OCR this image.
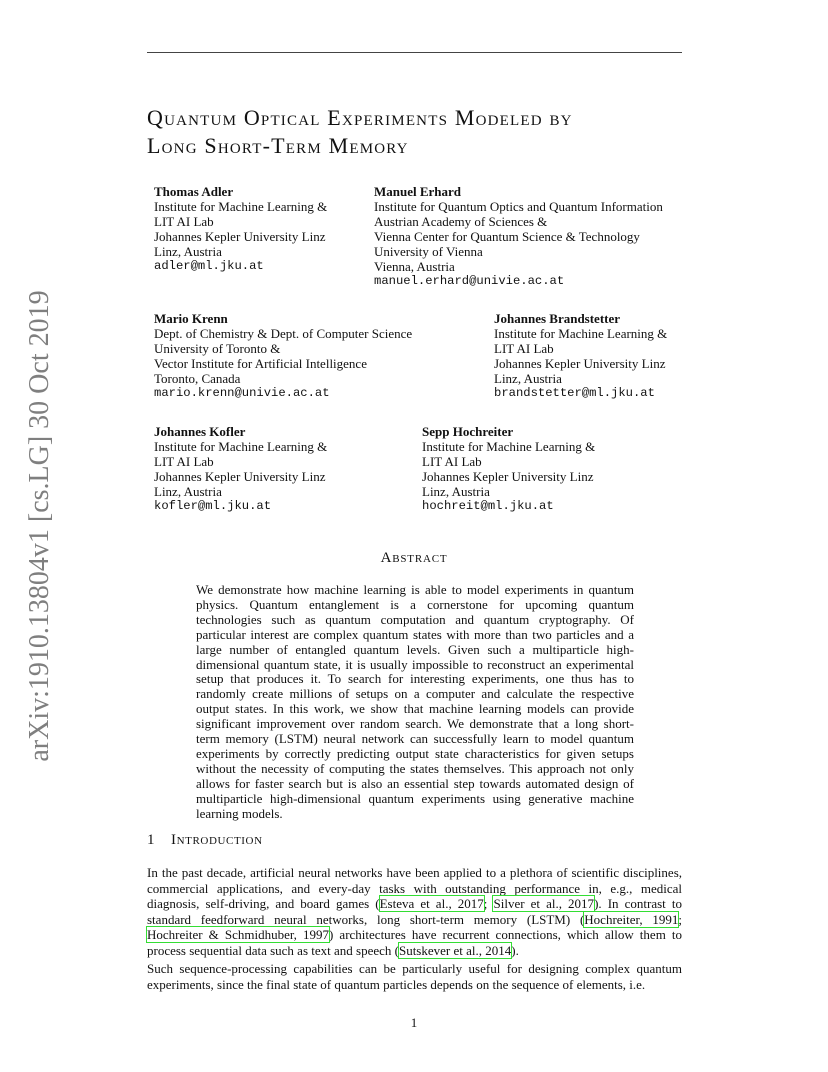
arXiv:1910.13804v1 [cs.LG] 30 Oct 2019
Quantum Optical Experiments Modeled by
Long Short-Term Memory
Thomas Adler
Institute for Machine Learning &
LIT AI Lab
Johannes Kepler University Linz
Linz, Austria
adler@ml.jku.at
Manuel Erhard
Institute for Quantum Optics and Quantum Information
Austrian Academy of Sciences &
Vienna Center for Quantum Science & Technology
University of Vienna
Vienna, Austria
manuel.erhard@univie.ac.at
Mario Krenn
Dept. of Chemistry & Dept. of Computer Science
University of Toronto &
Vector Institute for Artificial Intelligence
Toronto, Canada
mario.krenn@univie.ac.at
Johannes Brandstetter
Institute for Machine Learning &
LIT AI Lab
Johannes Kepler University Linz
Linz, Austria
brandstetter@ml.jku.at
Johannes Kofler
Institute for Machine Learning &
LIT AI Lab
Johannes Kepler University Linz
Linz, Austria
kofler@ml.jku.at
Sepp Hochreiter
Institute for Machine Learning &
LIT AI Lab
Johannes Kepler University Linz
Linz, Austria
hochreit@ml.jku.at
Abstract

We demonstrate how machine learning is able to model experiments in quantum physics. Quantum entanglement is a cornerstone for upcoming quantum technologies such as quantum computation and quantum cryptography. Of particular interest are complex quantum states with more than two particles and a large number of entangled quantum levels. Given such a multiparticle high-dimensional quantum state, it is usually impossible to reconstruct an experimental setup that produces it. To search for interesting experiments, one thus has to randomly create millions of setups on a computer and calculate the respective output states. In this work, we show that machine learning models can provide significant improvement over random search. We demonstrate that a long short-term memory (LSTM) neural network can successfully learn to model quantum experiments by correctly predicting output state characteristics for given setups without the necessity of computing the states themselves. This approach not only allows for faster search but is also an essential step towards automated design of multiparticle high-dimensional quantum experiments using generative machine learning models.

1 Introduction

In the past decade, artificial neural networks have been applied to a plethora of scientific disciplines, commercial applications, and every-day tasks with outstanding performance in, e.g., medical diagnosis, self-driving, and board games (Esteva et al., 2017; Silver et al., 2017). In contrast to standard feedforward neural networks, long short-term memory (LSTM) (Hochreiter, 1991; Hochreiter & Schmidhuber, 1997) architectures have recurrent connections, which allow them to process sequential data such as text and speech (Sutskever et al., 2014).

Such sequence-processing capabilities can be particularly useful for designing complex quantum experiments, since the final state of quantum particles depends on the sequence of elements, i.e.

1
